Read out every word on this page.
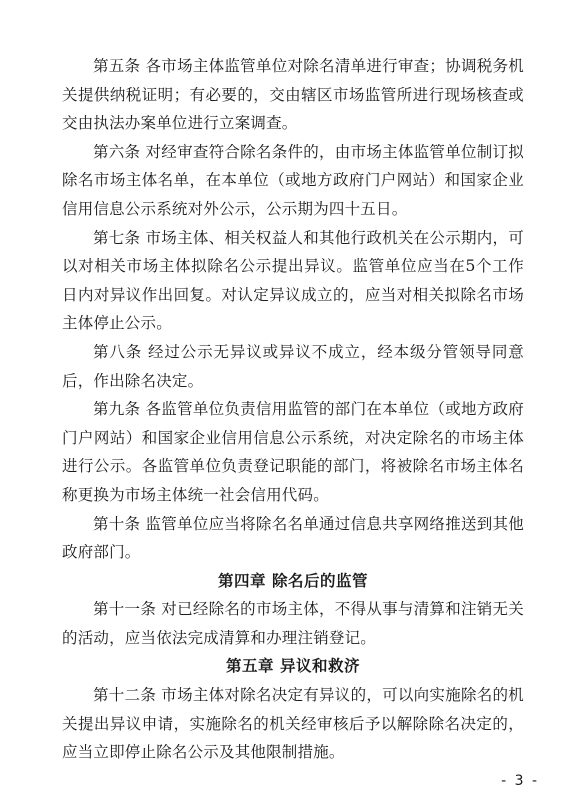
第五条 各市场主体监管单位对除名清单进行审查；协调税务机关提供纳税证明；有必要的，交由辖区市场监管所进行现场核查或交由执法办案单位进行立案调查。

第六条 对经审查符合除名条件的，由市场主体监管单位制订拟除名市场主体名单，在本单位（或地方政府门户网站）和国家企业信用信息公示系统对外公示，公示期为四十五日。

第七条 市场主体、相关权益人和其他行政机关在公示期内，可以对相关市场主体拟除名公示提出异议。监管单位应当在5个工作日内对异议作出回复。对认定异议成立的，应当对相关拟除名市场主体停止公示。

第八条 经过公示无异议或异议不成立，经本级分管领导同意后，作出除名决定。

第九条 各监管单位负责信用监管的部门在本单位（或地方政府门户网站）和国家企业信用信息公示系统，对决定除名的市场主体进行公示。各监管单位负责登记职能的部门，将被除名市场主体名称更换为市场主体统一社会信用代码。

第十条 监管单位应当将除名名单通过信息共享网络推送到其他政府部门。

第四章 除名后的监管

第十一条 对已经除名的市场主体，不得从事与清算和注销无关的活动，应当依法完成清算和办理注销登记。

第五章 异议和救济

第十二条 市场主体对除名决定有异议的，可以向实施除名的机关提出异议申请，实施除名的机关经审核后予以解除除名决定的，应当立即停止除名公示及其他限制措施。

- 3 -
